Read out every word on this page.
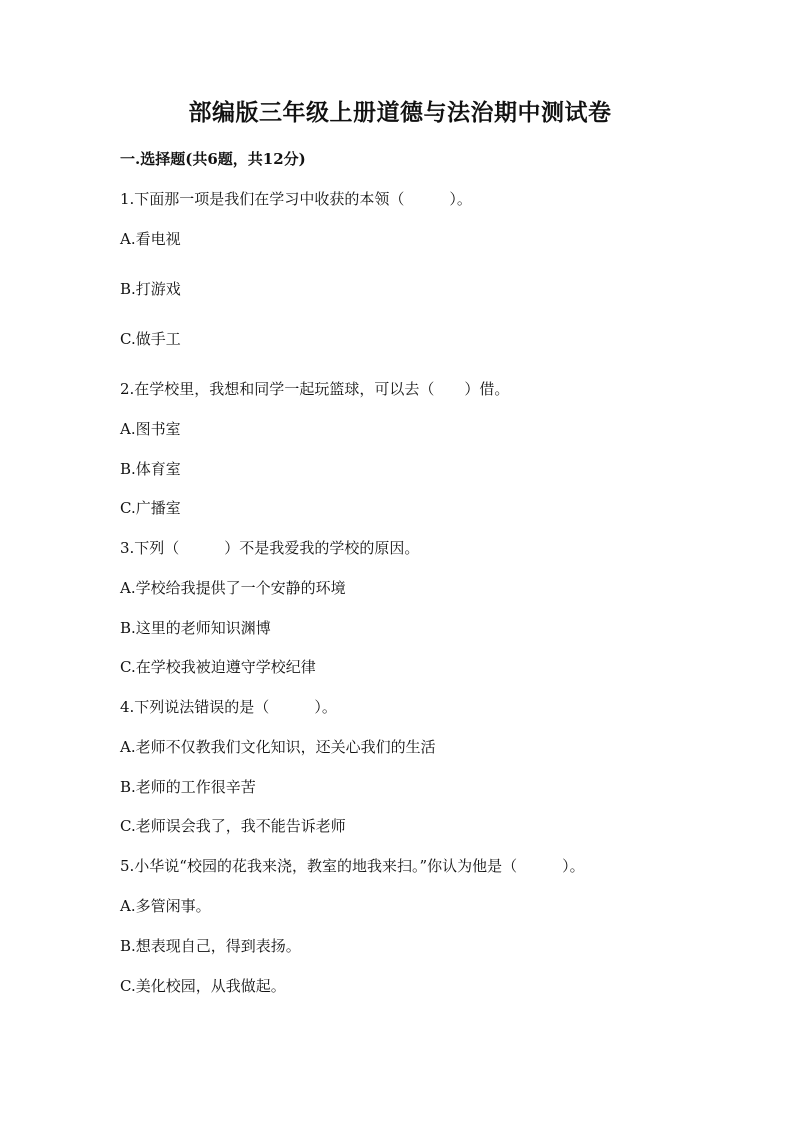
部编版三年级上册道德与法治期中测试卷
一.选择题(共6题，共12分)
1.下面那一项是我们在学习中收获的本领（　　　）。
A.看电视
B.打游戏
C.做手工
2.在学校里，我想和同学一起玩篮球，可以去（　　）借。
A.图书室
B.体育室
C.广播室
3.下列（　　　）不是我爱我的学校的原因。
A.学校给我提供了一个安静的环境
B.这里的老师知识渊博
C.在学校我被迫遵守学校纪律
4.下列说法错误的是（　　　）。
A.老师不仅教我们文化知识，还关心我们的生活
B.老师的工作很辛苦
C.老师误会我了，我不能告诉老师
5.小华说“校园的花我来浇，教室的地我来扫。”你认为他是（　　　）。
A.多管闲事。
B.想表现自己，得到表扬。
C.美化校园，从我做起。
